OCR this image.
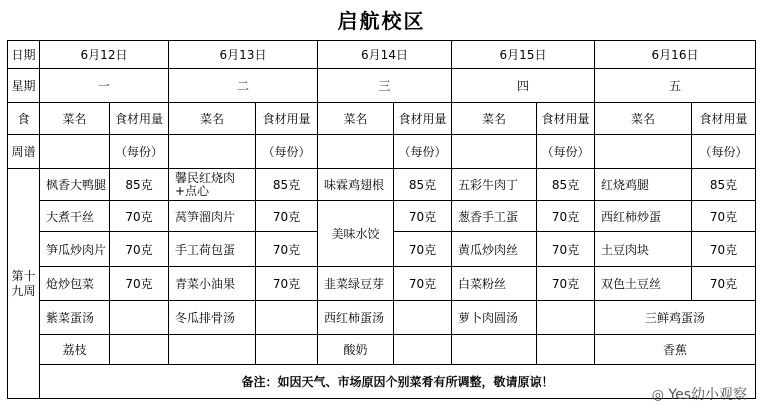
启航校区
日期	6月12日		6月13日		6月14日		6月15日		6月16日	
星期	一		二		三		四		五	
食	菜名	食材用量	菜名	食材用量	菜名	食材用量	菜名	食材用量	菜名	食材用量
周谱		（每份）		（每份）		（每份）		（每份）		（每份）
第十九周	枫香大鸭腿	85克	馨民红烧肉+点心	85克	味霖鸡翅根	85克	五彩牛肉丁	85克	红烧鸡腿	85克
	大煮干丝	70克	莴笋溜肉片	70克	美味水饺	70克	葱香手工蛋	70克	西红柿炒蛋	70克
	笋瓜炒肉片	70克	手工荷包蛋	70克		70克	黄瓜炒肉丝	70克	土豆肉块	70克
	炝炒包菜	70克	青菜小油果	70克	韭菜绿豆芽	70克	白菜粉丝	70克	双色土豆丝	70克
	紫菜蛋汤		冬瓜排骨汤		西红柿蛋汤		萝卜肉圆汤		三鲜鸡蛋汤	
	荔枝				酸奶				香蕉	
	备注：如因天气、市场原因个别菜肴有所调整，敬请原谅！									
◎ Yes幼小观察
